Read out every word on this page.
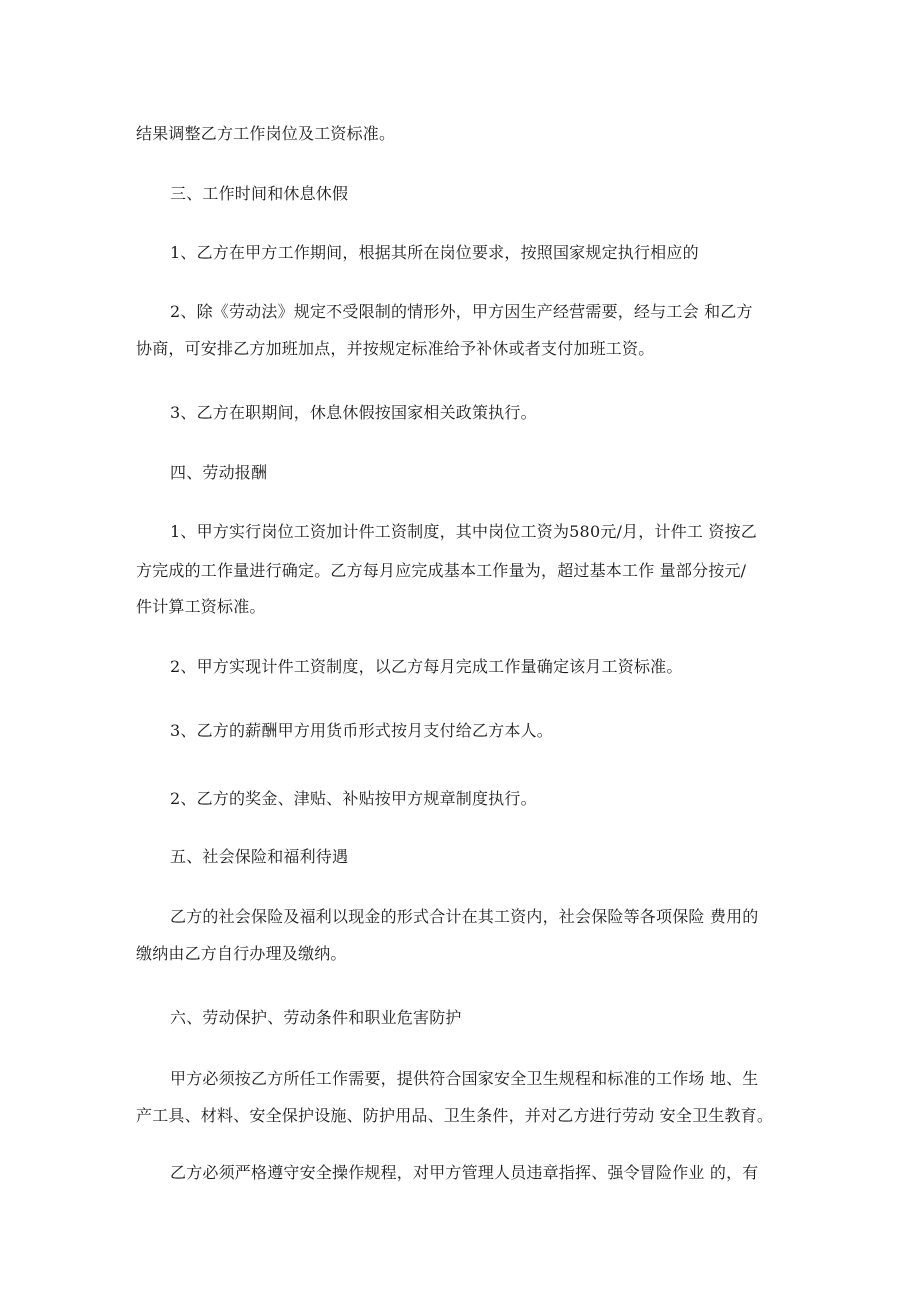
结果调整乙方工作岗位及工资标准。
三、工作时间和休息休假
1、乙方在甲方工作期间，根据其所在岗位要求，按照国家规定执行相应的
2、除《劳动法》规定不受限制的情形外，甲方因生产经营需要，经与工会 和乙方
协商，可安排乙方加班加点，并按规定标准给予补休或者支付加班工资。
3、乙方在职期间，休息休假按国家相关政策执行。
四、劳动报酬
1、甲方实行岗位工资加计件工资制度，其中岗位工资为580元/月，计件工 资按乙
方完成的工作量进行确定。乙方每月应完成基本工作量为，超过基本工作 量部分按元/
件计算工资标准。
2、甲方实现计件工资制度，以乙方每月完成工作量确定该月工资标准。
3、乙方的薪酬甲方用货币形式按月支付给乙方本人。
2、乙方的奖金、津贴、补贴按甲方规章制度执行。
五、社会保险和福利待遇
乙方的社会保险及福利以现金的形式合计在其工资内，社会保险等各项保险 费用的
缴纳由乙方自行办理及缴纳。
六、劳动保护、劳动条件和职业危害防护
甲方必须按乙方所任工作需要，提供符合国家安全卫生规程和标准的工作场 地、生
产工具、材料、安全保护设施、防护用品、卫生条件，并对乙方进行劳动 安全卫生教育。
乙方必须严格遵守安全操作规程，对甲方管理人员违章指挥、强令冒险作业 的，有
